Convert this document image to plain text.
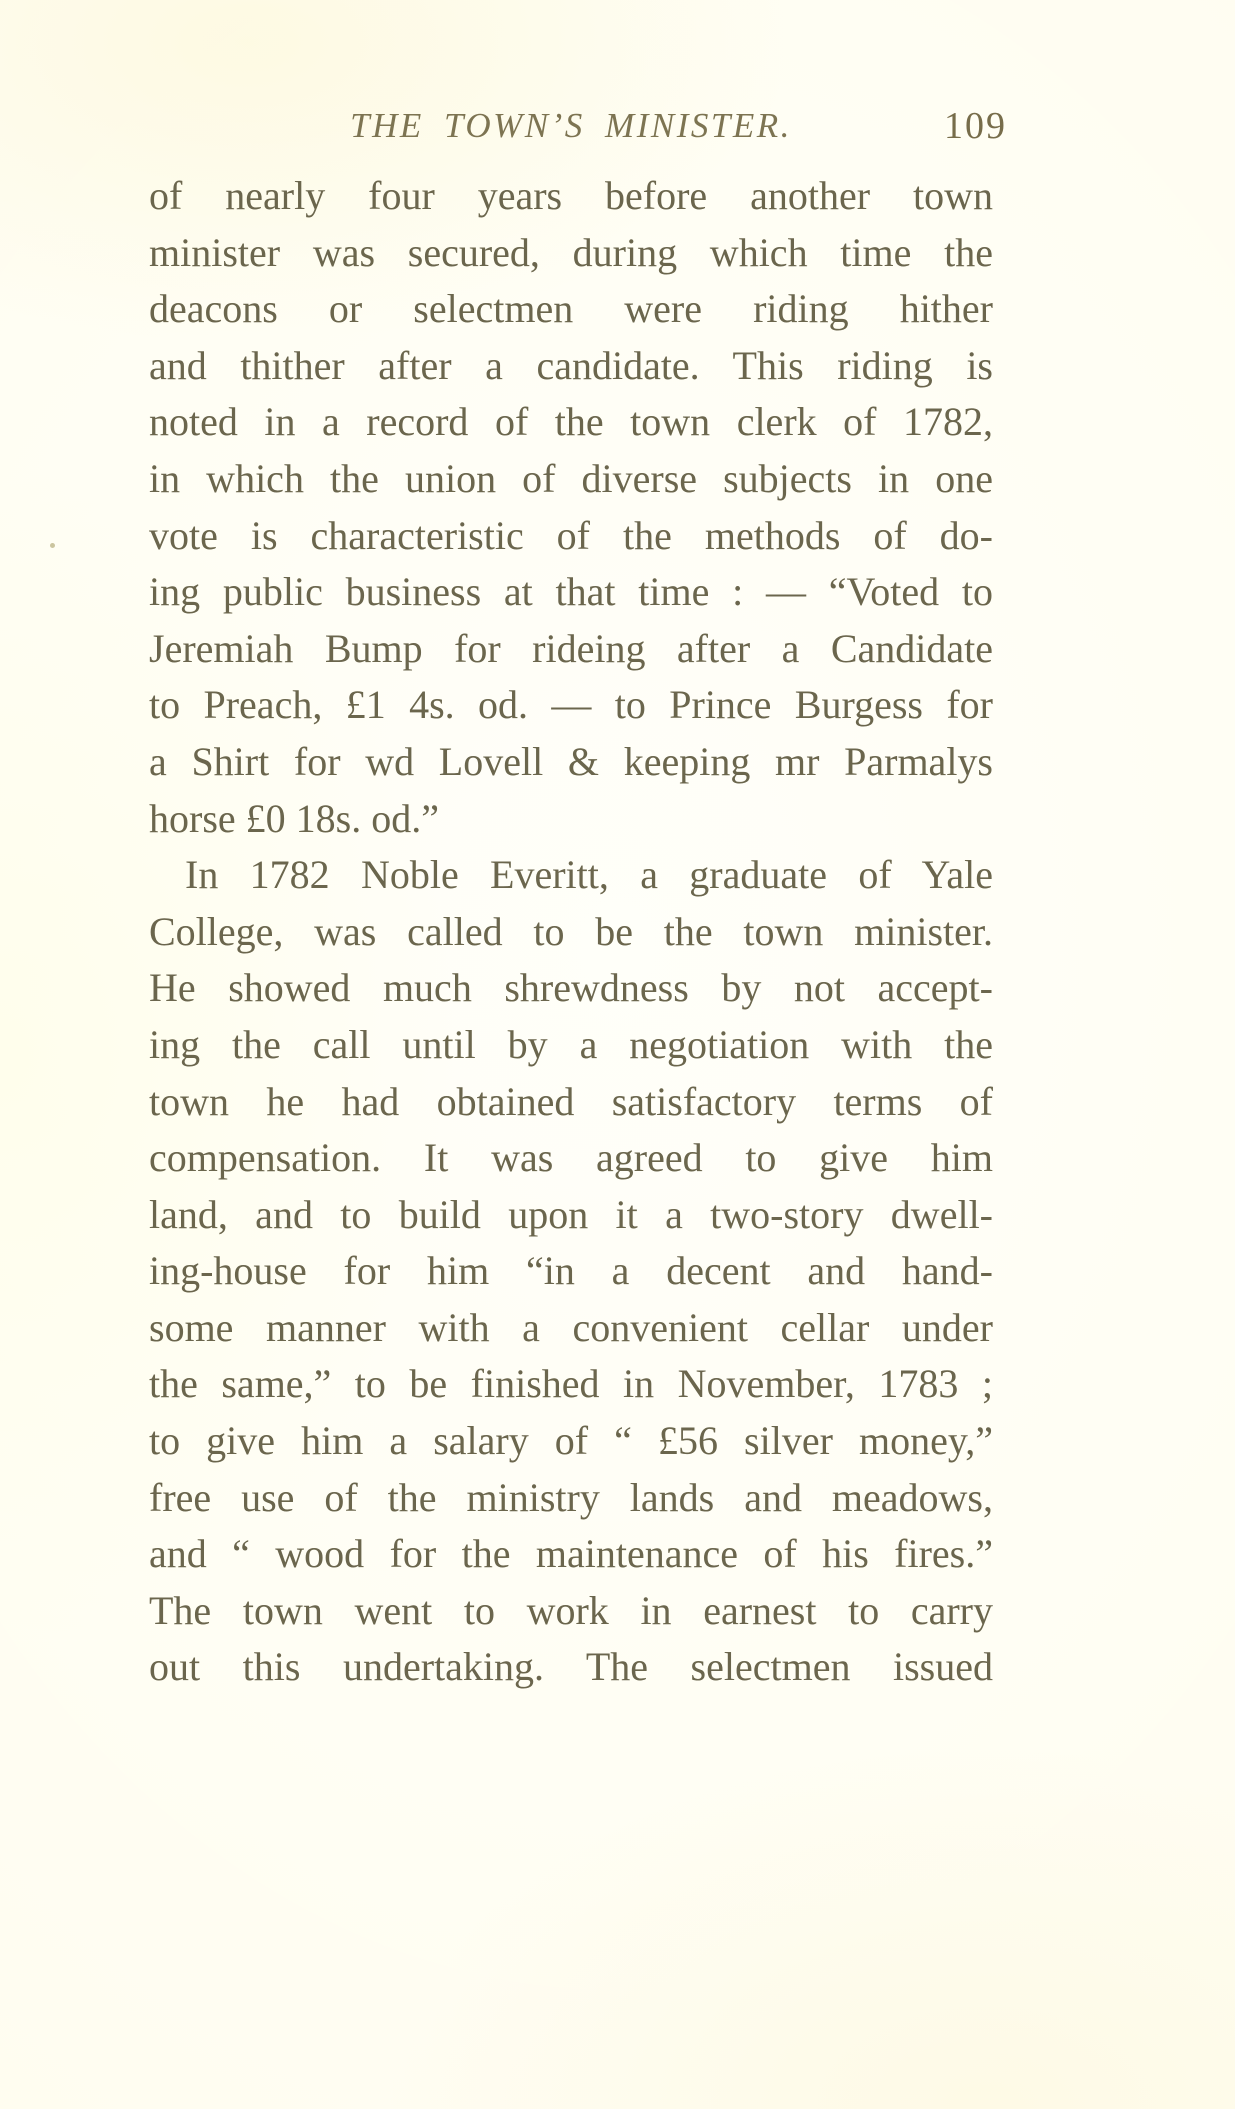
THE TOWN’S MINISTER.	109
of nearly four years before another town
minister was secured, during which time the
deacons or selectmen were riding hither
and thither after a candidate. This riding is
noted in a record of the town clerk of 1782,
in which the union of diverse subjects in one
vote is characteristic of the methods of do-
ing public business at that time : — “Voted to
Jeremiah Bump for rideing after a Candidate
to Preach, £1 4s. od. — to Prince Burgess for
a Shirt for wd Lovell & keeping mr Parmalys
horse £0 18s. od.”
In 1782 Noble Everitt, a graduate of Yale
College, was called to be the town minister.
He showed much shrewdness by not accept-
ing the call until by a negotiation with the
town he had obtained satisfactory terms of
compensation. It was agreed to give him
land, and to build upon it a two-story dwell-
ing-house for him “in a decent and hand-
some manner with a convenient cellar under
the same,” to be finished in November, 1783 ;
to give him a salary of “ £56 silver money,”
free use of the ministry lands and meadows,
and “ wood for the maintenance of his fires.”
The town went to work in earnest to carry
out this undertaking. The selectmen issued
